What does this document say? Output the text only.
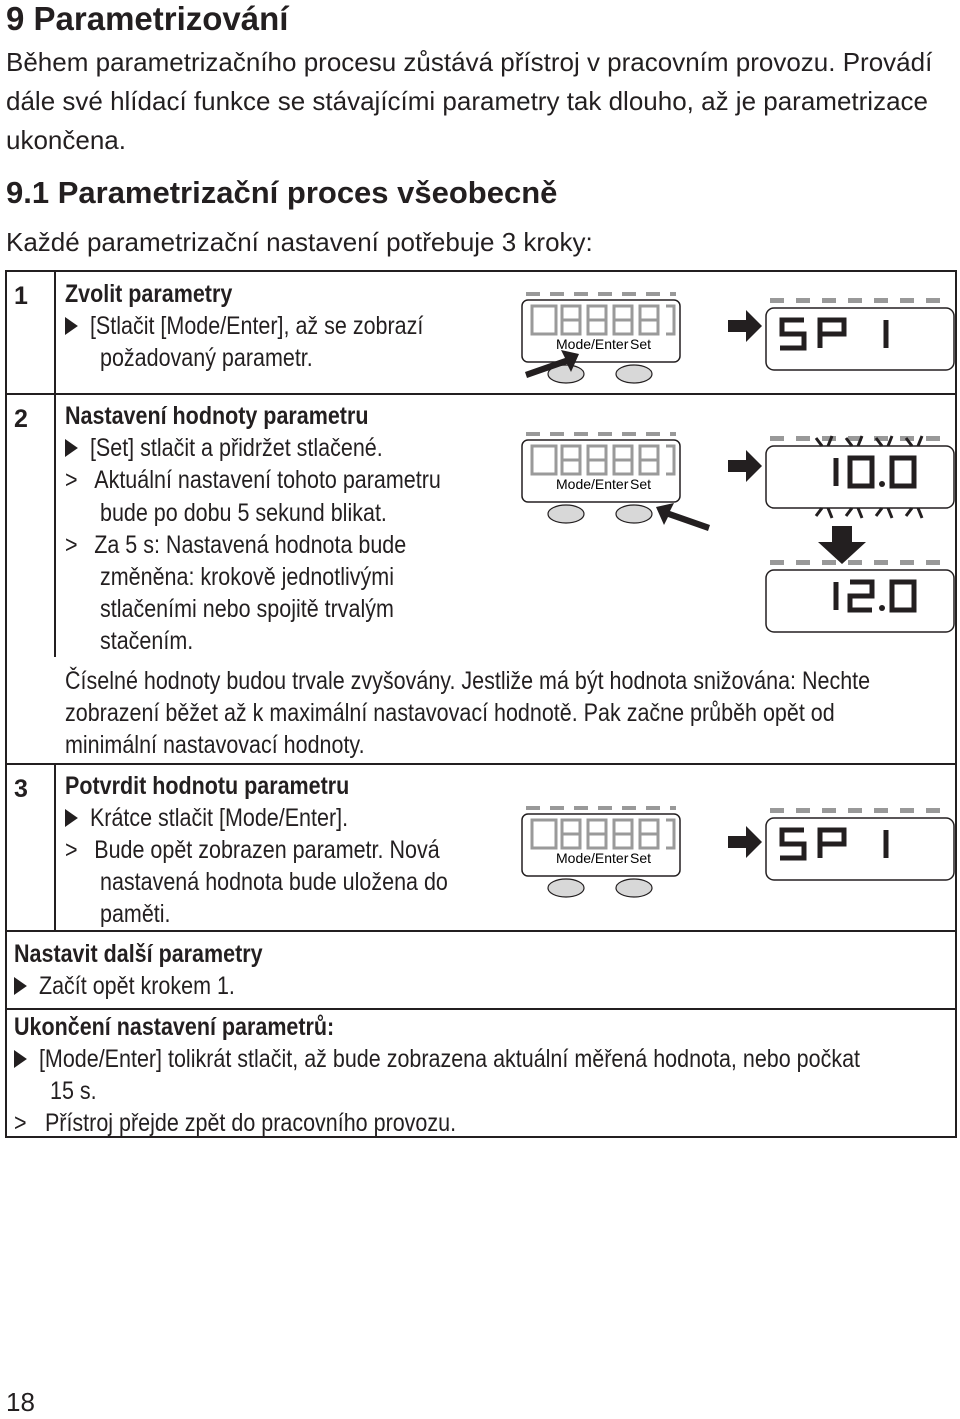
9 Parametrizování
Během parametrizačního procesu zůstává přístroj v pracovním provozu. Provádí
dále své hlídací funkce se stávajícími parametry tak dlouho, až je parametrizace
ukončena.
9.1 Parametrizační proces všeobecně
Každé parametrizační nastavení potřebuje 3 kroky:
1 Zvolit parametry
[Stlačit [Mode/Enter], až se zobrazí
požadovaný parametr.
2 Nastavení hodnoty parametru
[Set] stlačit a přidržet stlačené.
> Aktuální nastavení tohoto parametru
bude po dobu 5 sekund blikat.
> Za 5 s: Nastavená hodnota bude
změněna: krokově jednotlivými
stlačeními nebo spojitě trvalým
stačením.
Číselné hodnoty budou trvale zvyšovány. Jestliže má být hodnota snižována: Nechte
zobrazení běžet až k maximální nastavovací hodnotě. Pak začne průběh opět od
minimální nastavovací hodnoty.
3 Potvrdit hodnotu parametru
Krátce stlačit [Mode/Enter].
> Bude opět zobrazen parametr. Nová
nastavená hodnota bude uložena do
paměti.
Nastavit další parametry
Začít opět krokem 1.
Ukončení nastavení parametrů:
[Mode/Enter] tolikrát stlačit, až bude zobrazena aktuální měřená hodnota, nebo počkat
15 s.
> Přístroj přejde zpět do pracovního provozu.
18
Mode/Enter Set
Mode/Enter Set
Mode/Enter Set
